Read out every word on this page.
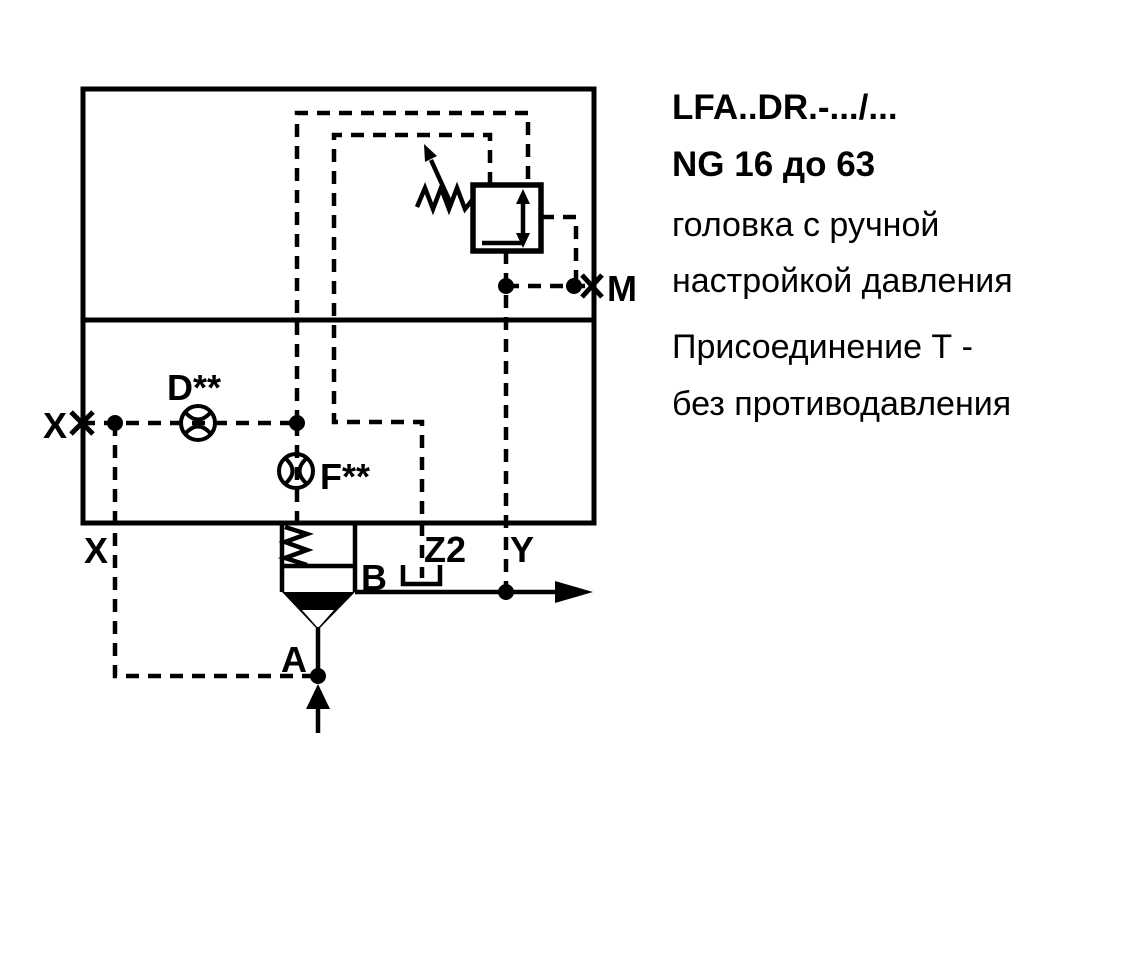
X
X
D**
F**
Z2 Y
B
A
M
LFA..DR.-.../...
NG 16 до 63
головка с ручной
настройкой давления
Присоединение Т -
без противодавления
